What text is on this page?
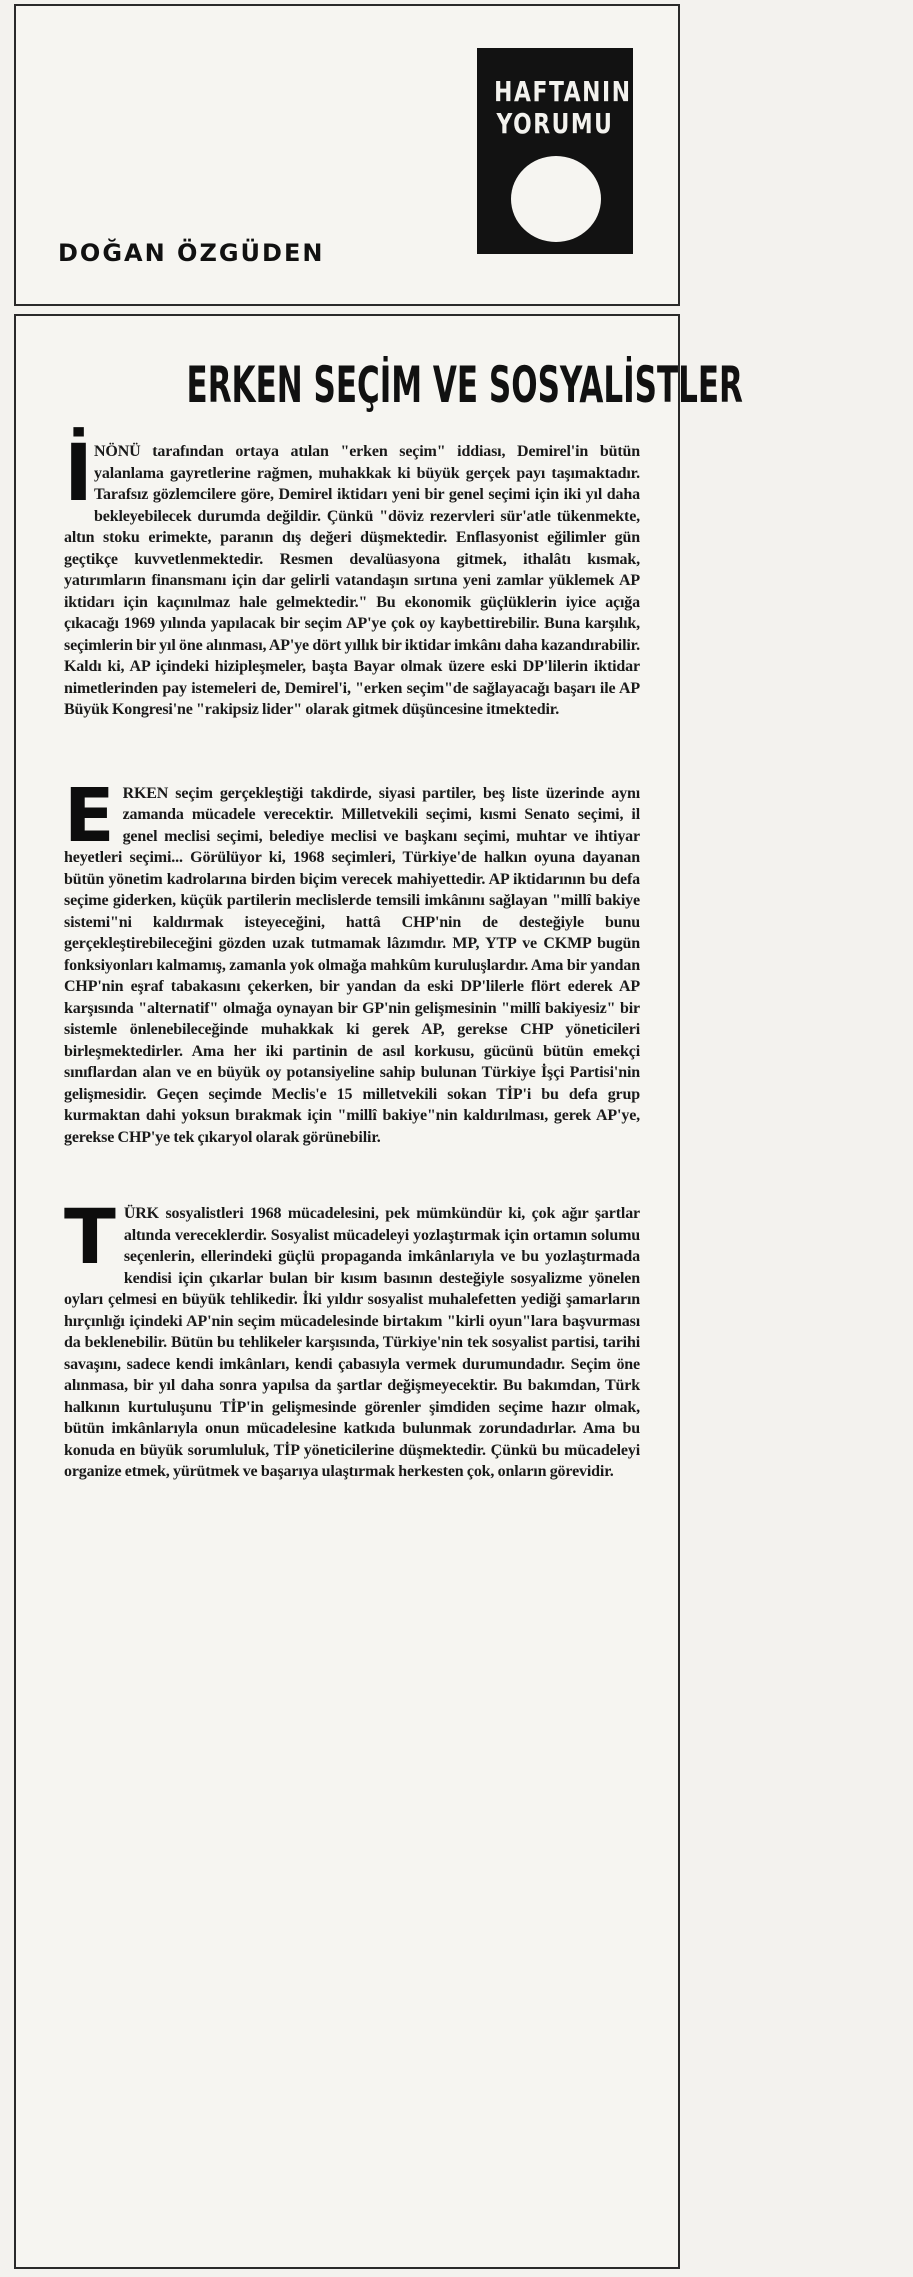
HAFTANIN
YORUMU
DOĞAN ÖZGÜDEN
ERKEN SEÇİM VE SOSYALİSTLER

İ NÖNÜ tarafından ortaya atılan "erken seçim" iddiası, Demirel'in bütün yalanlama gayretlerine rağmen, muhakkak ki büyük gerçek payı taşımaktadır. Tarafsız gözlemcilere göre, Demirel iktidarı yeni bir genel seçimi için iki yıl daha bekleyebilecek durumda değildir. Çünkü "döviz rezervleri sür'atle tükenmekte, altın stoku erimekte, paranın dış değeri düşmektedir. Enflasyonist eğilimler gün geçtikçe kuvvetlenmektedir. Resmen devalüasyona gitmek, ithalâtı kısmak, yatırımların finansmanı için dar gelirli vatandaşın sırtına yeni zamlar yüklemek AP iktidarı için kaçınılmaz hale gelmektedir." Bu ekonomik güçlüklerin iyice açığa çıkacağı 1969 yılında yapılacak bir seçim AP'ye çok oy kaybettirebilir. Buna karşılık, seçimlerin bir yıl öne alınması, AP'ye dört yıllık bir iktidar imkânı daha kazandırabilir. Kaldı ki, AP içindeki hizipleşmeler, başta Bayar olmak üzere eski DP'lilerin iktidar nimetlerinden pay istemeleri de, Demirel'i, "erken seçim"de sağlayacağı başarı ile AP Büyük Kongresi'ne "rakipsiz lider" olarak gitmek düşüncesine itmektedir.

E RKEN seçim gerçekleştiği takdirde, siyasi partiler, beş liste üzerinde aynı zamanda mücadele verecektir. Milletvekili seçimi, kısmi Senato seçimi, il genel meclisi seçimi, belediye meclisi ve başkanı seçimi, muhtar ve ihtiyar heyetleri seçimi... Görülüyor ki, 1968 seçimleri, Türkiye'de halkın oyuna dayanan bütün yönetim kadrolarına birden biçim verecek mahiyettedir. AP iktidarının bu defa seçime giderken, küçük partilerin meclislerde temsili imkânını sağlayan "millî bakiye sistemi"ni kaldırmak isteyeceğini, hattâ CHP'nin de desteğiyle bunu gerçekleştirebileceğini gözden uzak tutmamak lâzımdır. MP, YTP ve CKMP bugün fonksiyonları kalmamış, zamanla yok olmağa mahkûm kuruluşlardır. Ama bir yandan CHP'nin eşraf tabakasını çekerken, bir yandan da eski DP'lilerle flört ederek AP karşısında "alternatif" olmağa oynayan bir GP'nin gelişmesinin "millî bakiyesiz" bir sistemle önlenebileceğinde muhakkak ki gerek AP, gerekse CHP yöneticileri birleşmektedirler. Ama her iki partinin de asıl korkusu, gücünü bütün emekçi sınıflardan alan ve en büyük oy potansiyeline sahip bulunan Türkiye İşçi Partisi'nin gelişmesidir. Geçen seçimde Meclis'e 15 milletvekili sokan TİP'i bu defa grup kurmaktan dahi yoksun bırakmak için "millî bakiye"nin kaldırılması, gerek AP'ye, gerekse CHP'ye tek çıkaryol olarak görünebilir.

T ÜRK sosyalistleri 1968 mücadelesini, pek mümkündür ki, çok ağır şartlar altında vereceklerdir. Sosyalist mücadeleyi yozlaştırmak için ortamın solumu seçenlerin, ellerindeki güçlü propaganda imkânlarıyla ve bu yozlaştırmada kendisi için çıkarlar bulan bir kısım basının desteğiyle sosyalizme yönelen oyları çelmesi en büyük tehlikedir. İki yıldır sosyalist muhalefetten yediği şamarların hırçınlığı içindeki AP'nin seçim mücadelesinde birtakım "kirli oyun"lara başvurması da beklenebilir. Bütün bu tehlikeler karşısında, Türkiye'nin tek sosyalist partisi, tarihi savaşını, sadece kendi imkânları, kendi çabasıyla vermek durumundadır. Seçim öne alınmasa, bir yıl daha sonra yapılsa da şartlar değişmeyecektir. Bu bakımdan, Türk halkının kurtuluşunu TİP'in gelişmesinde görenler şimdiden seçime hazır olmak, bütün imkânlarıyla onun mücadelesine katkıda bulunmak zorundadırlar. Ama bu konuda en büyük sorumluluk, TİP yöneticilerine düşmektedir. Çünkü bu mücadeleyi organize etmek, yürütmek ve başarıya ulaştırmak herkesten çok, onların görevidir.
